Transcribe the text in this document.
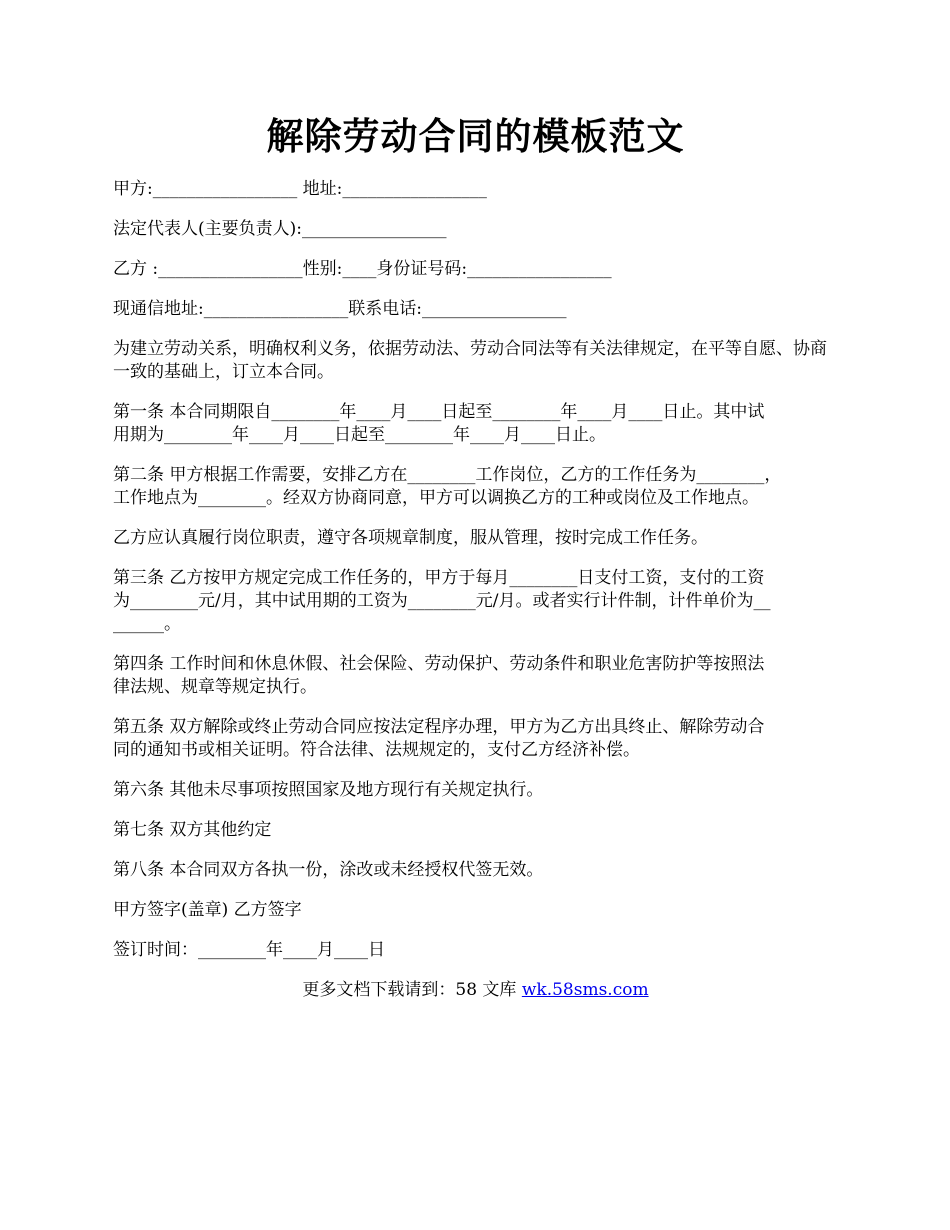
解除劳动合同的模板范文

甲方:_________________ 地址:_________________

法定代表人(主要负责人):_________________

乙方 :_________________性别:____身份证号码:_________________

现通信地址:_________________联系电话:_________________

为建立劳动关系，明确权利义务，依据劳动法、劳动合同法等有关法律规定，在平等自愿、协商一致的基础上，订立本合同。

第一条 本合同期限自________年____月____日起至________年____月____日止。其中试
用期为________年____月____日起至________年____月____日止。

第二条 甲方根据工作需要，安排乙方在________工作岗位，乙方的工作任务为________，
工作地点为________。经双方协商同意，甲方可以调换乙方的工种或岗位及工作地点。

乙方应认真履行岗位职责，遵守各项规章制度，服从管理，按时完成工作任务。

第三条 乙方按甲方规定完成工作任务的，甲方于每月________日支付工资，支付的工资
为________元/月，其中试用期的工资为________元/月。或者实行计件制，计件单价为__
______。

第四条 工作时间和休息休假、社会保险、劳动保护、劳动条件和职业危害防护等按照法
律法规、规章等规定执行。

第五条 双方解除或终止劳动合同应按法定程序办理，甲方为乙方出具终止、解除劳动合
同的通知书或相关证明。符合法律、法规规定的，支付乙方经济补偿。

第六条 其他未尽事项按照国家及地方现行有关规定执行。

第七条 双方其他约定

第八条 本合同双方各执一份，涂改或未经授权代签无效。

甲方签字(盖章) 乙方签字

签订时间：________年____月____日

更多文档下载请到：58 文库 wk.58sms.com
